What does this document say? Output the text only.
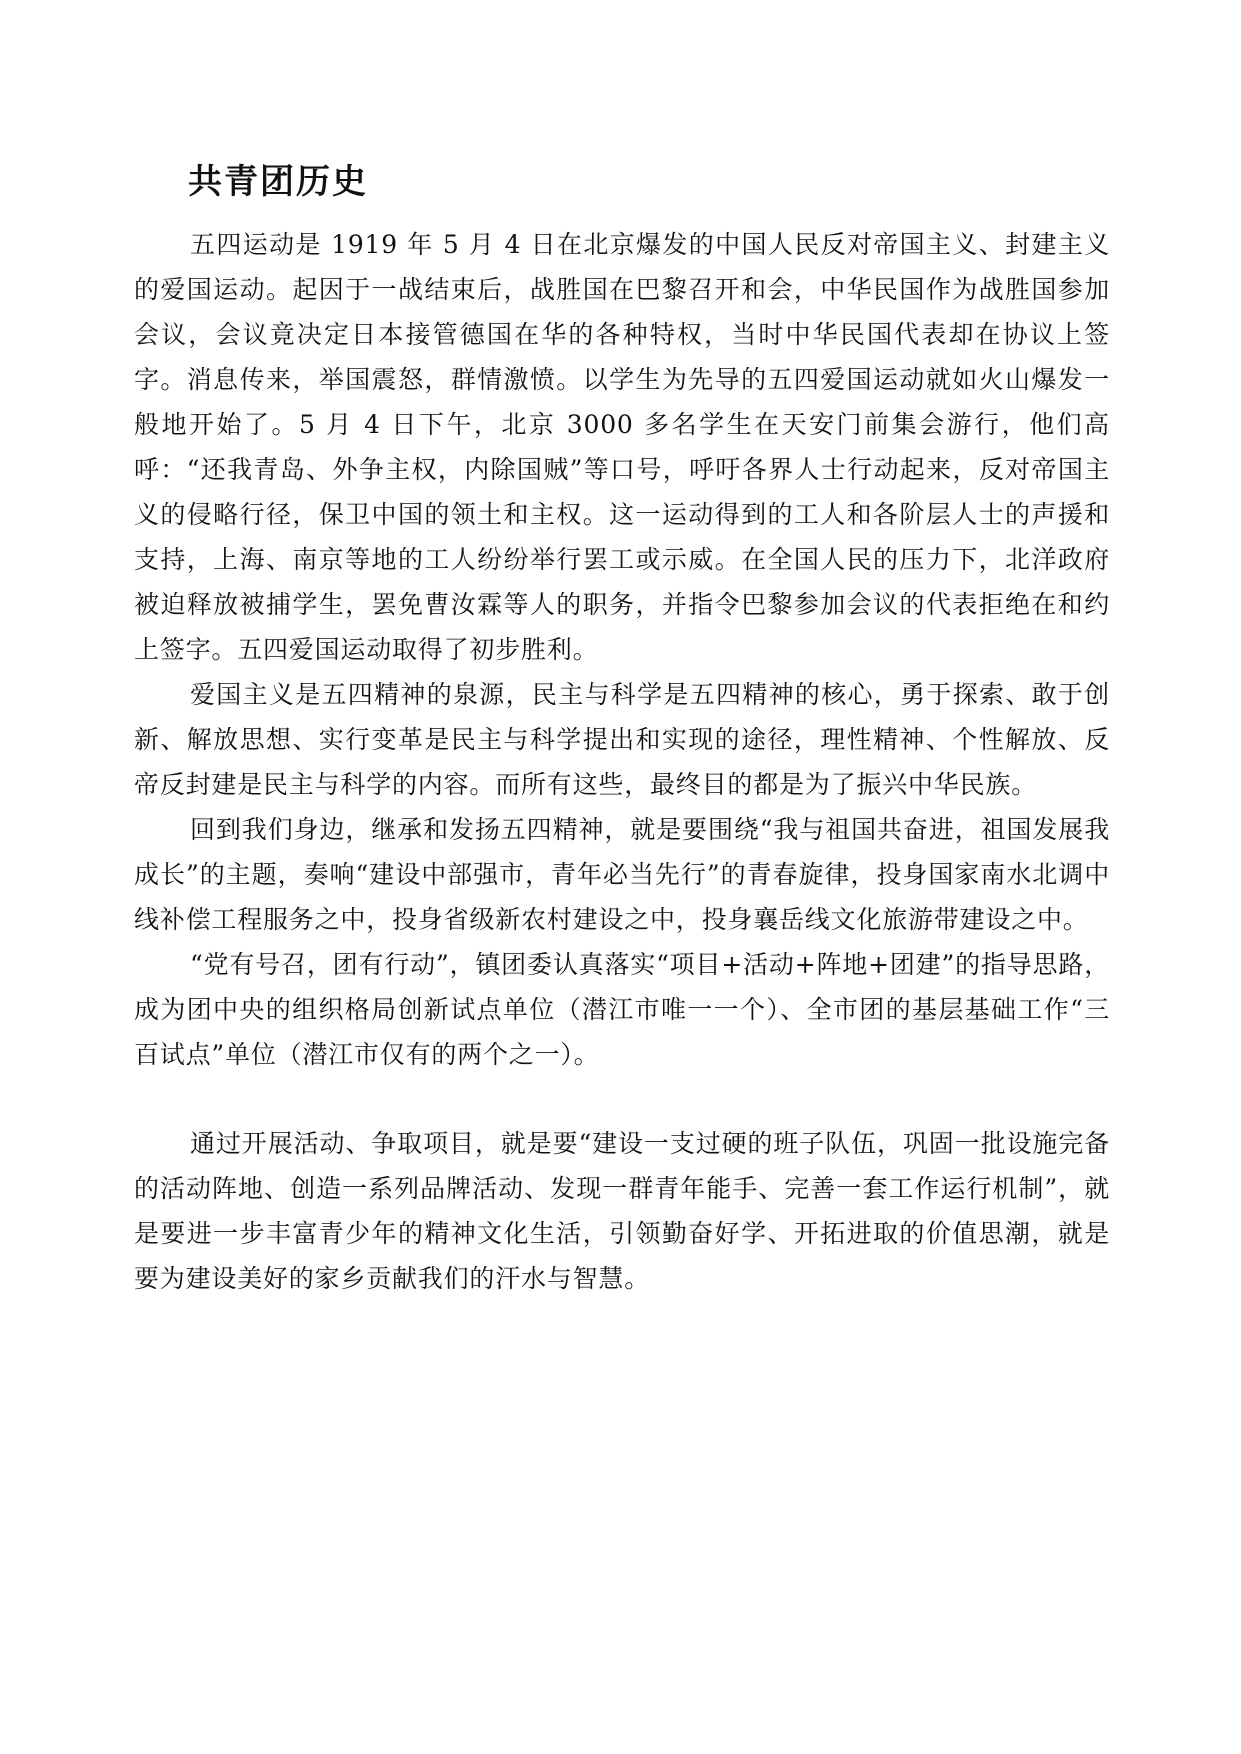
共青团历史

五四运动是 1919 年 5 月 4 日在北京爆发的中国人民反对帝国主义、封建主义的爱国运动。起因于一战结束后，战胜国在巴黎召开和会，中华民国作为战胜国参加会议，会议竟决定日本接管德国在华的各种特权，当时中华民国代表却在协议上签字。消息传来，举国震怒，群情激愤。以学生为先导的五四爱国运动就如火山爆发一般地开始了。5 月 4 日下午，北京 3000 多名学生在天安门前集会游行，他们高呼：“还我青岛、外争主权，内除国贼”等口号，呼吁各界人士行动起来，反对帝国主义的侵略行径，保卫中国的领土和主权。这一运动得到的工人和各阶层人士的声援和支持，上海、南京等地的工人纷纷举行罢工或示威。在全国人民的压力下，北洋政府被迫释放被捕学生，罢免曹汝霖等人的职务，并指令巴黎参加会议的代表拒绝在和约上签字。五四爱国运动取得了初步胜利。

爱国主义是五四精神的泉源，民主与科学是五四精神的核心，勇于探索、敢于创新、解放思想、实行变革是民主与科学提出和实现的途径，理性精神、个性解放、反帝反封建是民主与科学的内容。而所有这些，最终目的都是为了振兴中华民族。

回到我们身边，继承和发扬五四精神，就是要围绕“我与祖国共奋进，祖国发展我成长”的主题，奏响“建设中部强市，青年必当先行”的青春旋律，投身国家南水北调中线补偿工程服务之中，投身省级新农村建设之中，投身襄岳线文化旅游带建设之中。

“党有号召，团有行动”，镇团委认真落实“项目+活动+阵地+团建”的指导思路，成为团中央的组织格局创新试点单位（潜江市唯一一个）、全市团的基层基础工作“三百试点”单位（潜江市仅有的两个之一）。

通过开展活动、争取项目，就是要“建设一支过硬的班子队伍，巩固一批设施完备的活动阵地、创造一系列品牌活动、发现一群青年能手、完善一套工作运行机制”，就是要进一步丰富青少年的精神文化生活，引领勤奋好学、开拓进取的价值思潮，就是要为建设美好的家乡贡献我们的汗水与智慧。
